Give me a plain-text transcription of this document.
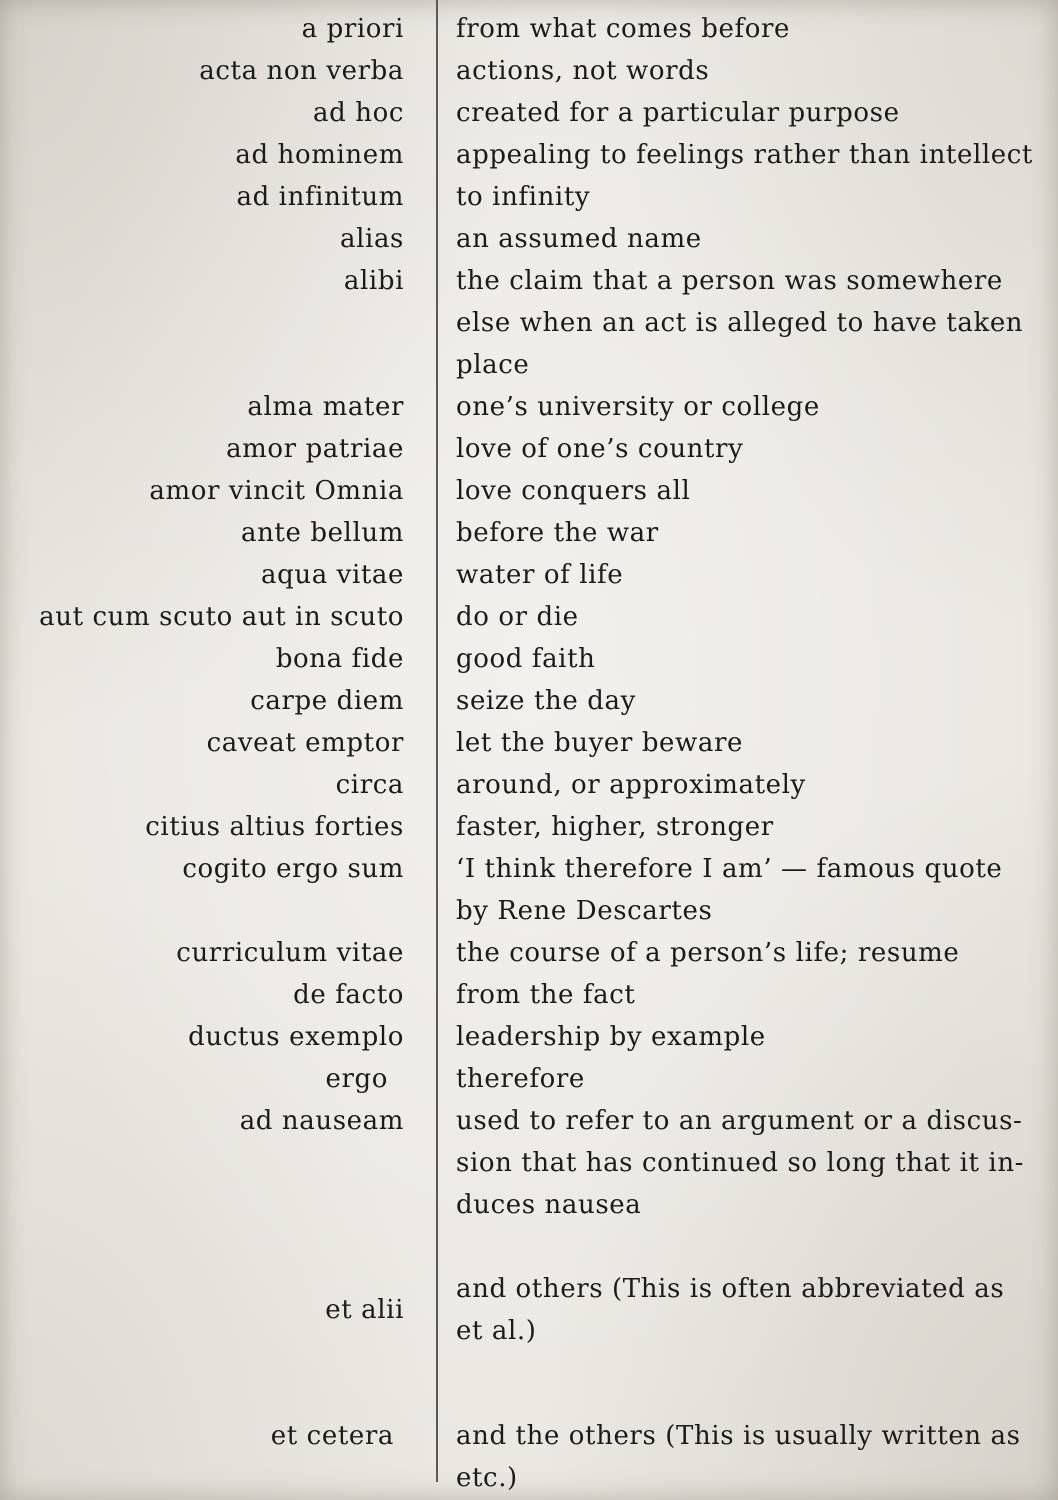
a priori from what comes before
acta non verba actions, not words
ad hoc created for a particular purpose
ad hominem appealing to feelings rather than intellect
ad infinitum to infinity
alias an assumed name
alibi the claim that a person was somewhere
else when an act is alleged to have taken
place
alma mater one’s university or college
amor patriae love of one’s country
amor vincit Omnia love conquers all
ante bellum before the war
aqua vitae water of life
aut cum scuto aut in scuto do or die
bona fide good faith
carpe diem seize the day
caveat emptor let the buyer beware
circa around, or approximately
citius altius forties faster, higher, stronger
cogito ergo sum ‘I think therefore I am’ — famous quote
by Rene Descartes
curriculum vitae the course of a person’s life; resume
de facto from the fact
ductus exemplo leadership by example
ergo	therefore
ad nauseam used to refer to an argument or a discus-
sion that has continued so long that it in-
duces nausea
et alii
and others (This is often abbreviated as
et al.)
et cetera and the others (This is usually written as
etc.)
